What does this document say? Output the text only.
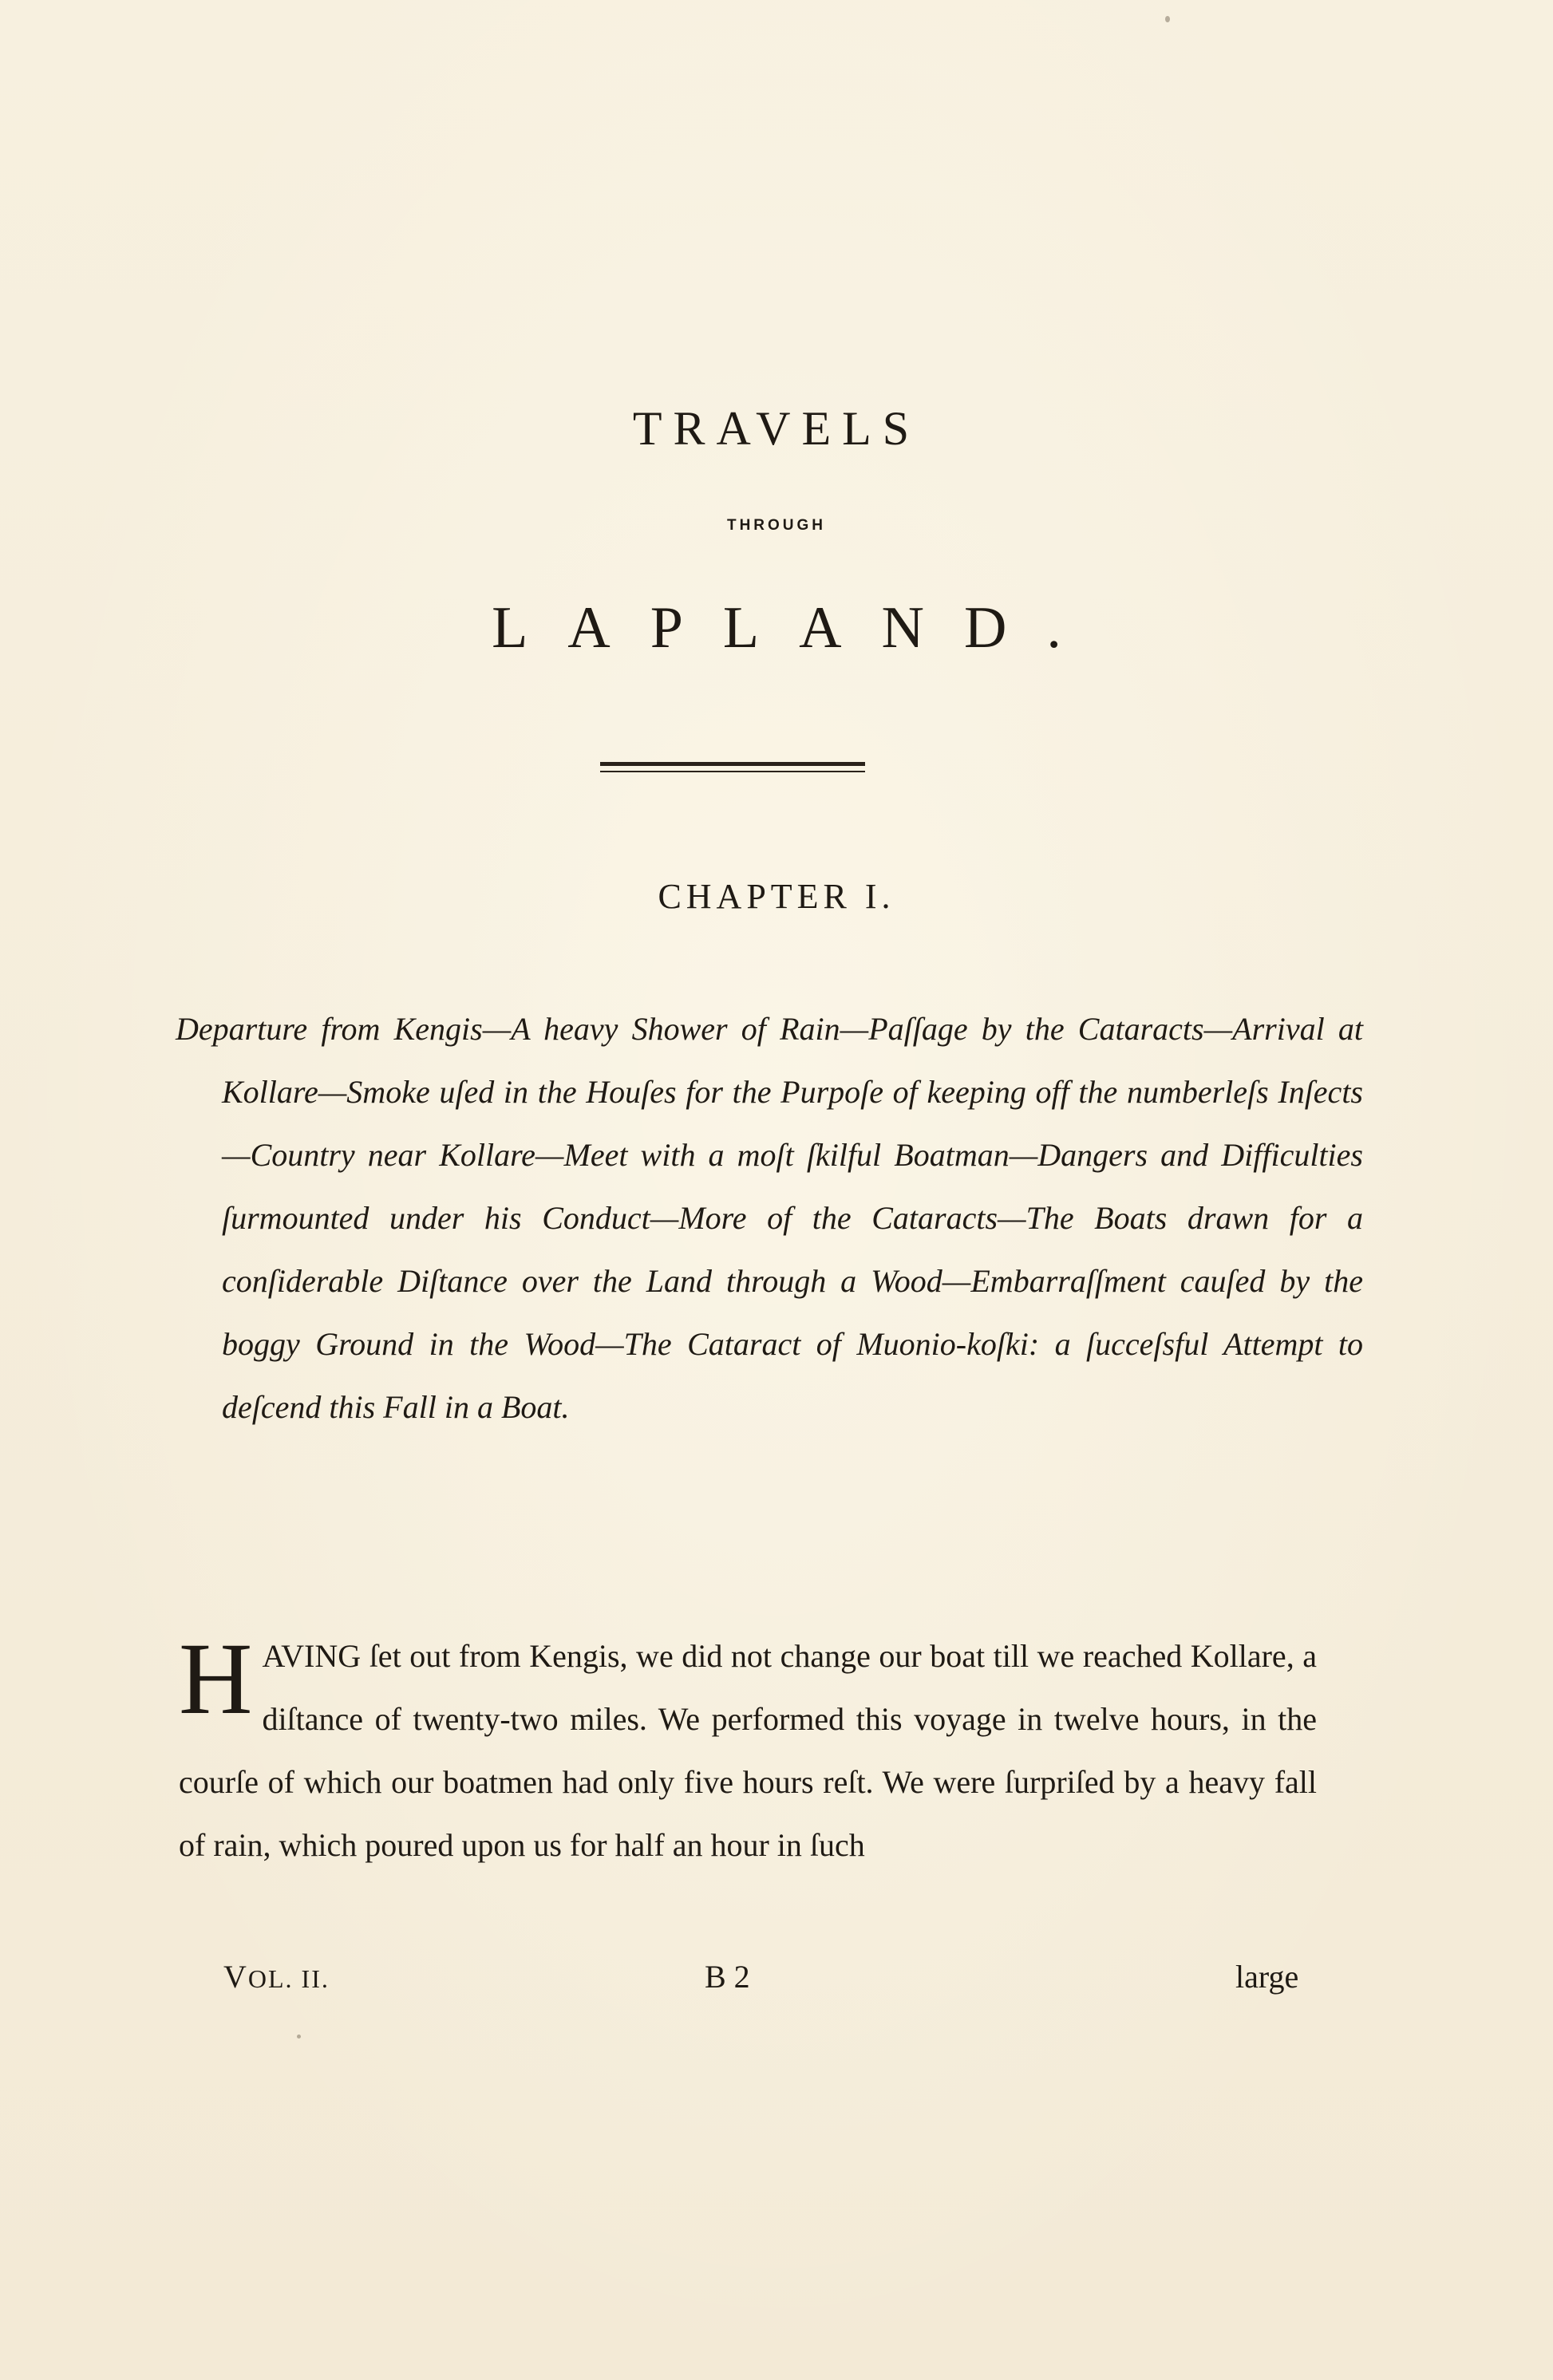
TRAVELS
THROUGH
LAPLAND.
CHAPTER I.

Departure from Kengis—A heavy Shower of Rain—Paſſage by the Cataracts—Arrival at Kollare—Smoke uſed in the Houſes for the Purpoſe of keeping off the numberleſs Inſects—Country near Kollare—Meet with a moſt ſkilful Boatman—Dangers and Difficulties ſurmounted under his Conduct—More of the Cataracts—The Boats drawn for a conſiderable Diſtance over the Land through a Wood—Embarraſſment cauſed by the boggy Ground in the Wood—The Cataract of Muonio-koſki: a ſucceſsful Attempt to deſcend this Fall in a Boat.

HAVING ſet out from Kengis, we did not change our boat till we reached Kollare, a diſtance of twenty-two miles. We performed this voyage in twelve hours, in the courſe of which our boatmen had only five hours reſt. We were ſurpriſed by a heavy fall of rain, which poured upon us for half an hour in ſuch

VOL. II.	B 2	large
